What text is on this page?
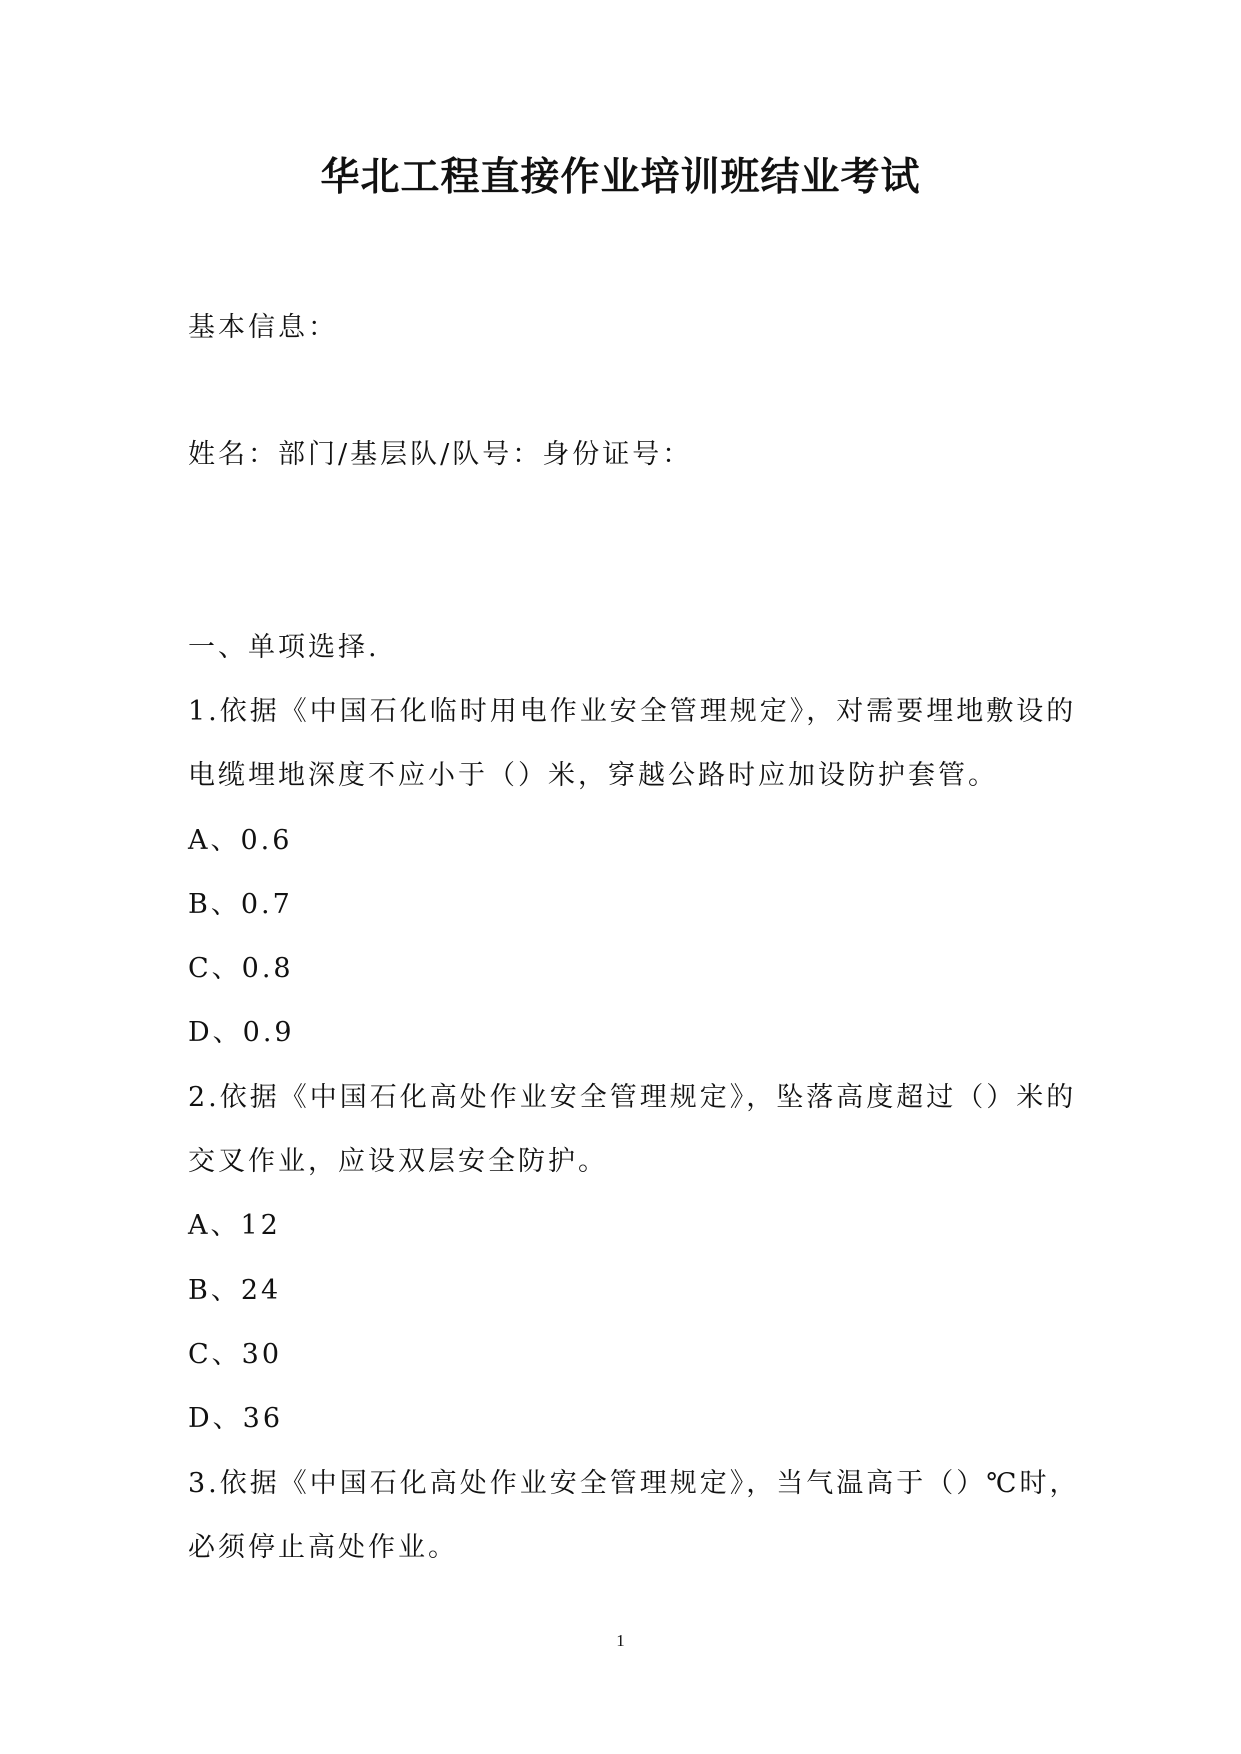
华北工程直接作业培训班结业考试
基本信息：
姓名：部门/基层队/队号：身份证号：
一、单项选择.
1.依据《中国石化临时用电作业安全管理规定》，对需要埋地敷设的
电缆埋地深度不应小于（）米，穿越公路时应加设防护套管。
A、0.6
B、0.7
C、0.8
D、0.9
2.依据《中国石化高处作业安全管理规定》，坠落高度超过（）米的
交叉作业，应设双层安全防护。
A、12
B、24
C、30
D、36
3.依据《中国石化高处作业安全管理规定》，当气温高于（）℃时，
必须停止高处作业。
1
